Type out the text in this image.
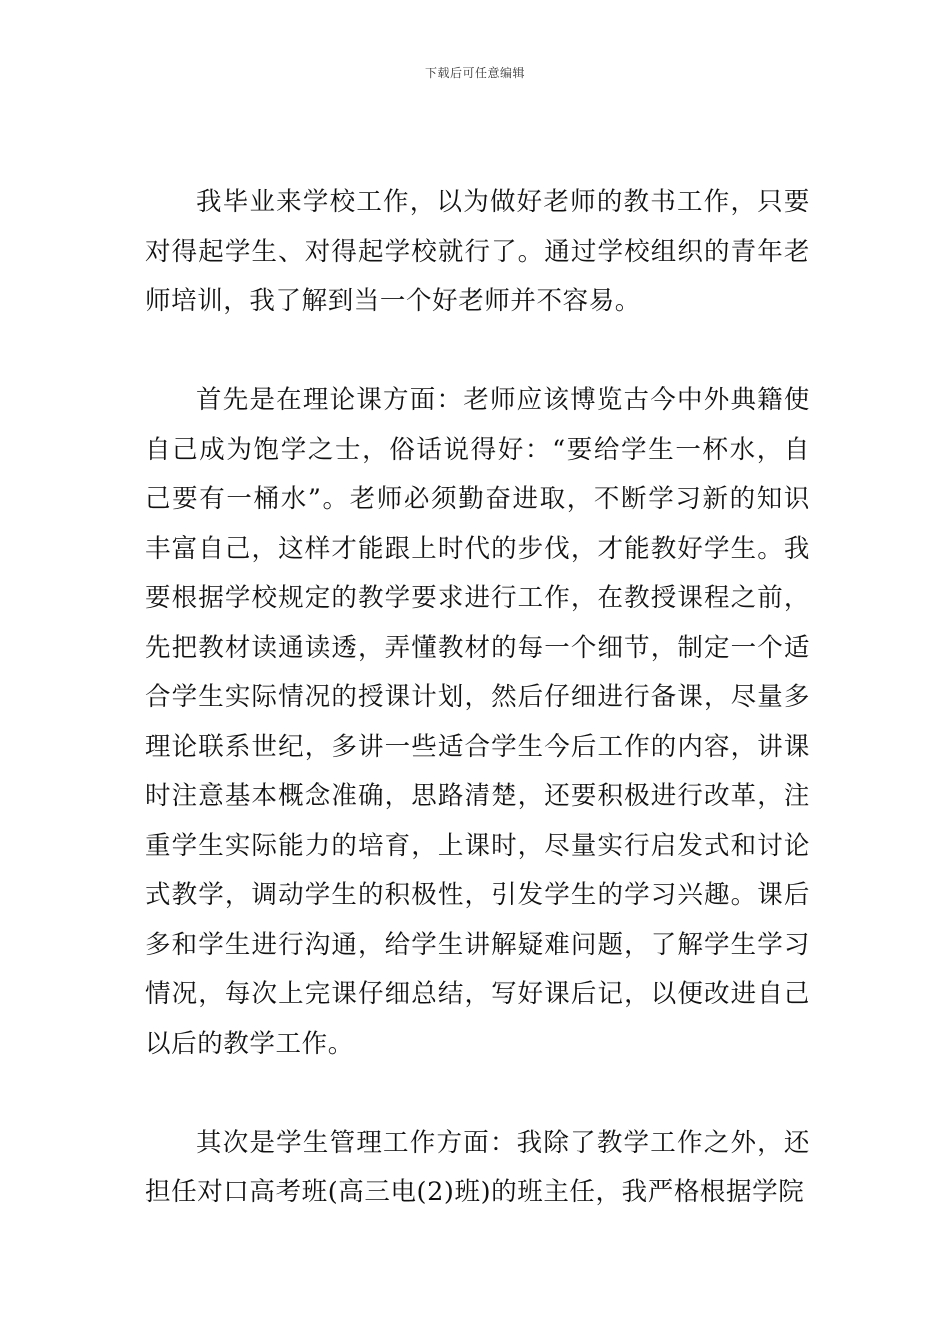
下载后可任意编辑

我毕业来学校工作，以为做好老师的教书工作，只要对得起学生、对得起学校就行了。通过学校组织的青年老师培训，我了解到当一个好老师并不容易。

首先是在理论课方面：老师应该博览古今中外典籍使自己成为饱学之士，俗话说得好：“要给学生一杯水，自己要有一桶水”。老师必须勤奋进取，不断学习新的知识丰富自己，这样才能跟上时代的步伐，才能教好学生。我要根据学校规定的教学要求进行工作，在教授课程之前，先把教材读通读透，弄懂教材的每一个细节，制定一个适合学生实际情况的授课计划，然后仔细进行备课，尽量多理论联系世纪，多讲一些适合学生今后工作的内容，讲课时注意基本概念准确，思路清楚，还要积极进行改革，注重学生实际能力的培育，上课时，尽量实行启发式和讨论式教学，调动学生的积极性，引发学生的学习兴趣。课后多和学生进行沟通，给学生讲解疑难问题，了解学生学习情况，每次上完课仔细总结，写好课后记，以便改进自己以后的教学工作。

其次是学生管理工作方面：我除了教学工作之外，还担任对口高考班(高三电(2)班)的班主任，我严格根据学院
